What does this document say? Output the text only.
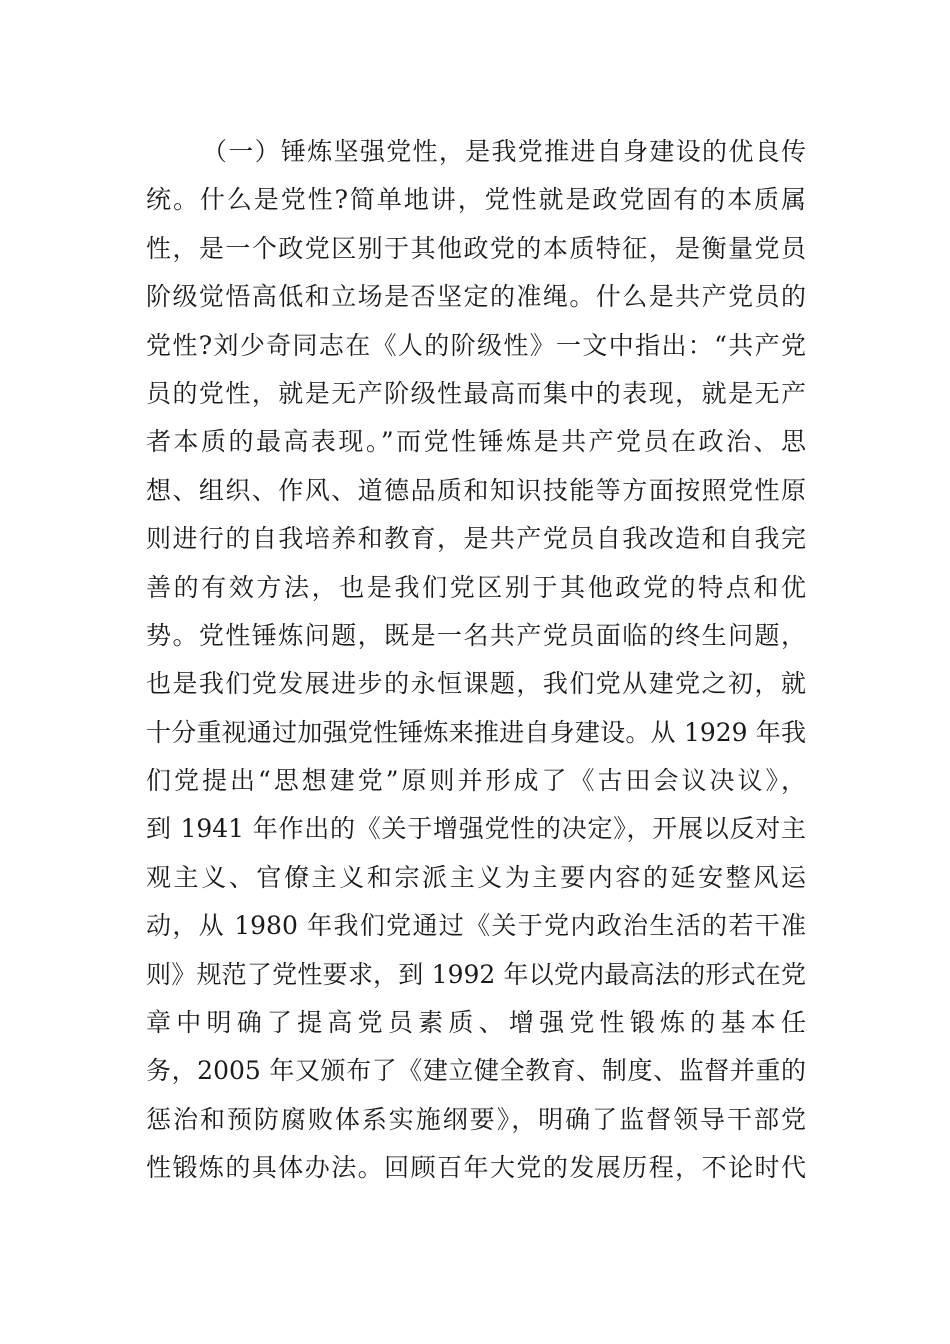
（一）锤炼坚强党性，是我党推进自身建设的优良传
统。什么是党性?简单地讲，党性就是政党固有的本质属
性，是一个政党区别于其他政党的本质特征，是衡量党员
阶级觉悟高低和立场是否坚定的准绳。什么是共产党员的
党性?刘少奇同志在《人的阶级性》一文中指出：“共产党
员的党性，就是无产阶级性最高而集中的表现，就是无产
者本质的最高表现。”而党性锤炼是共产党员在政治、思
想、组织、作风、道德品质和知识技能等方面按照党性原
则进行的自我培养和教育，是共产党员自我改造和自我完
善的有效方法，也是我们党区别于其他政党的特点和优
势。党性锤炼问题，既是一名共产党员面临的终生问题，
也是我们党发展进步的永恒课题，我们党从建党之初，就
十分重视通过加强党性锤炼来推进自身建设。从 1929 年我
们党提出“思想建党”原则并形成了《古田会议决议》，
到 1941 年作出的《关于增强党性的决定》，开展以反对主
观主义、官僚主义和宗派主义为主要内容的延安整风运
动，从 1980 年我们党通过《关于党内政治生活的若干准
则》规范了党性要求，到 1992 年以党内最高法的形式在党
章中明确了提高党员素质、增强党性锻炼的基本任
务，2005 年又颁布了《建立健全教育、制度、监督并重的
惩治和预防腐败体系实施纲要》，明确了监督领导干部党
性锻炼的具体办法。回顾百年大党的发展历程，不论时代
